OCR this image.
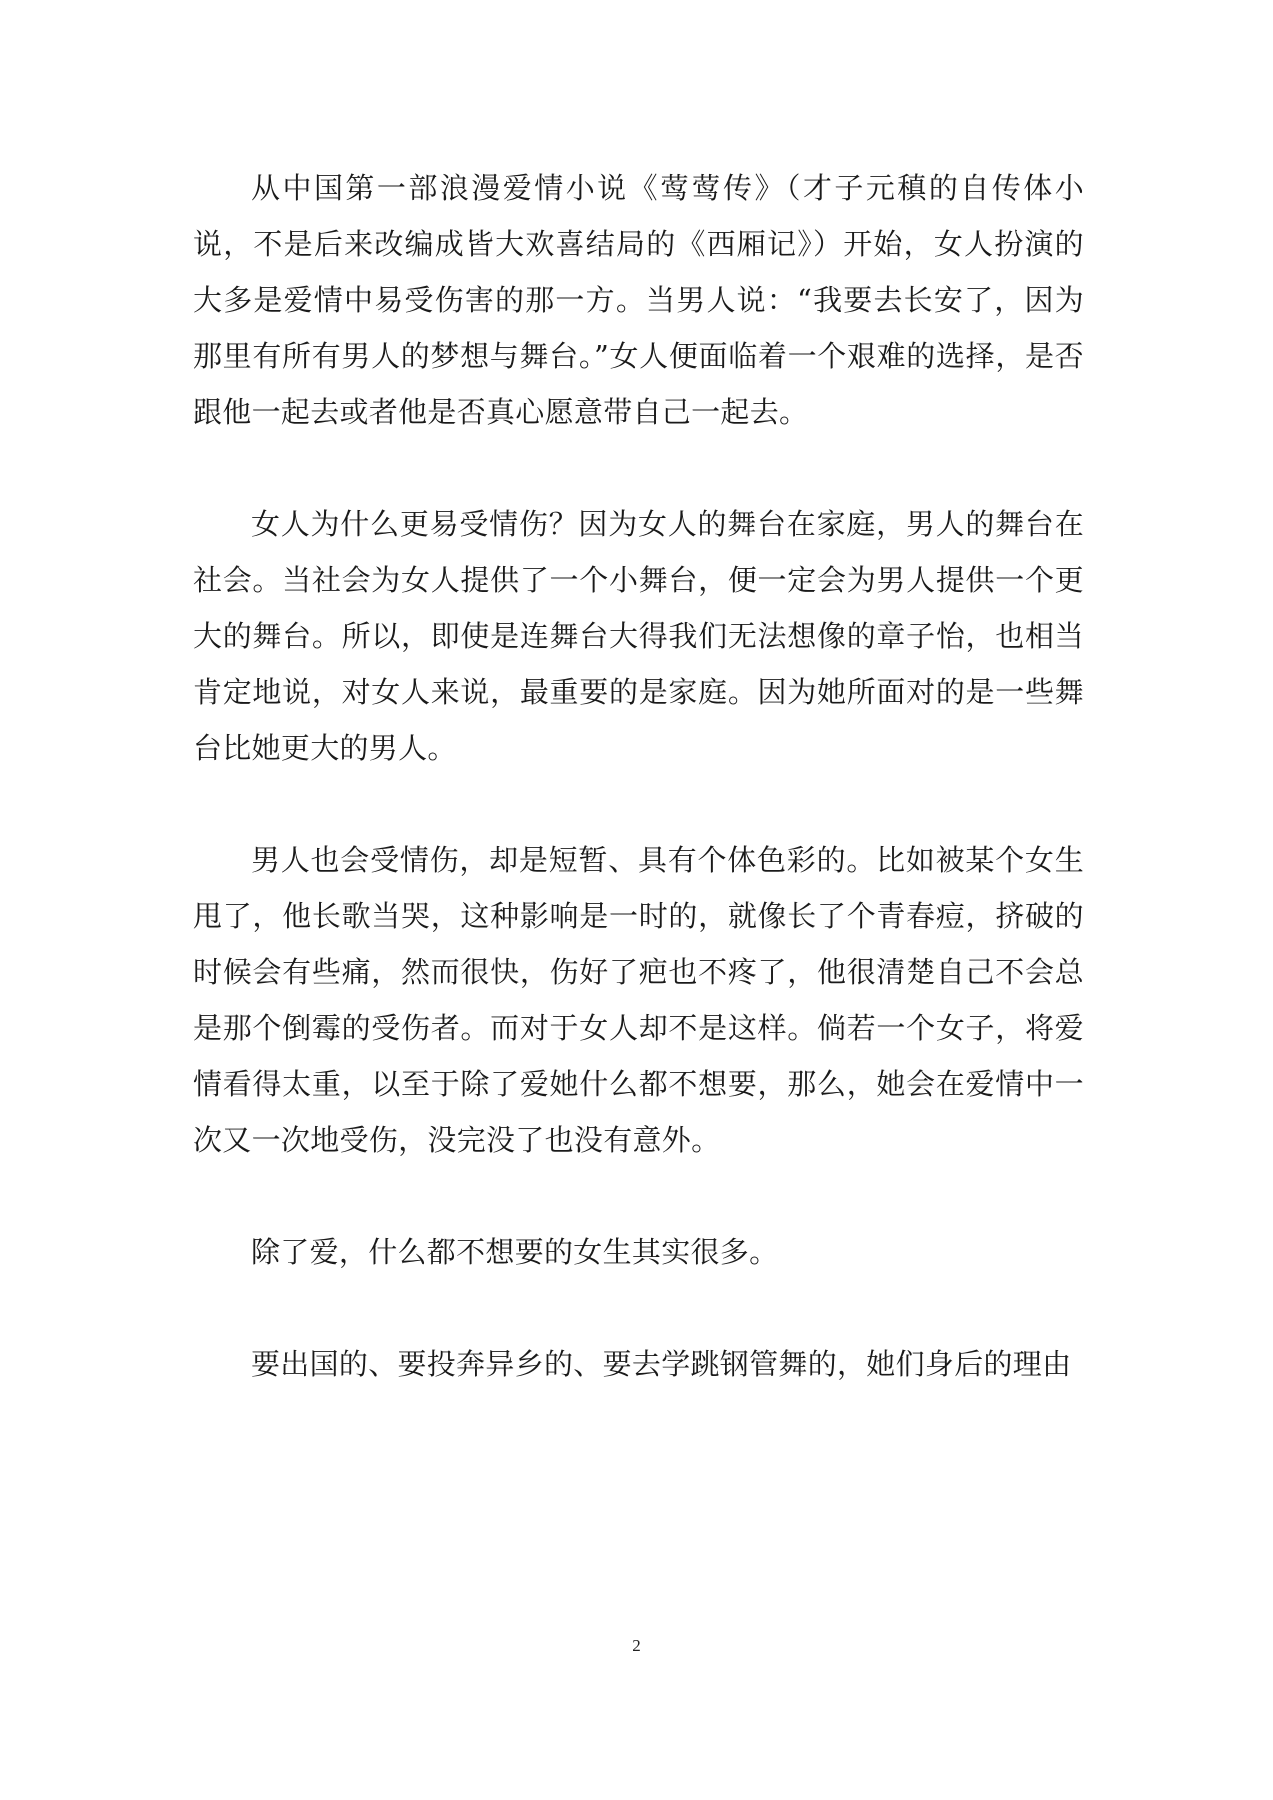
从中国第一部浪漫爱情小说《莺莺传》（才子元稹的自传体小说，不是后来改编成皆大欢喜结局的《西厢记》）开始，女人扮演的大多是爱情中易受伤害的那一方。当男人说：“我要去长安了，因为那里有所有男人的梦想与舞台。”女人便面临着一个艰难的选择，是否跟他一起去或者他是否真心愿意带自己一起去。

女人为什么更易受情伤？因为女人的舞台在家庭，男人的舞台在社会。当社会为女人提供了一个小舞台，便一定会为男人提供一个更大的舞台。所以，即使是连舞台大得我们无法想像的章子怡，也相当肯定地说，对女人来说，最重要的是家庭。因为她所面对的是一些舞台比她更大的男人。

男人也会受情伤，却是短暂、具有个体色彩的。比如被某个女生甩了，他长歌当哭，这种影响是一时的，就像长了个青春痘，挤破的时候会有些痛，然而很快，伤好了疤也不疼了，他很清楚自己不会总是那个倒霉的受伤者。而对于女人却不是这样。倘若一个女子，将爱情看得太重，以至于除了爱她什么都不想要，那么，她会在爱情中一次又一次地受伤，没完没了也没有意外。

除了爱，什么都不想要的女生其实很多。

要出国的、要投奔异乡的、要去学跳钢管舞的，她们身后的理由

2
